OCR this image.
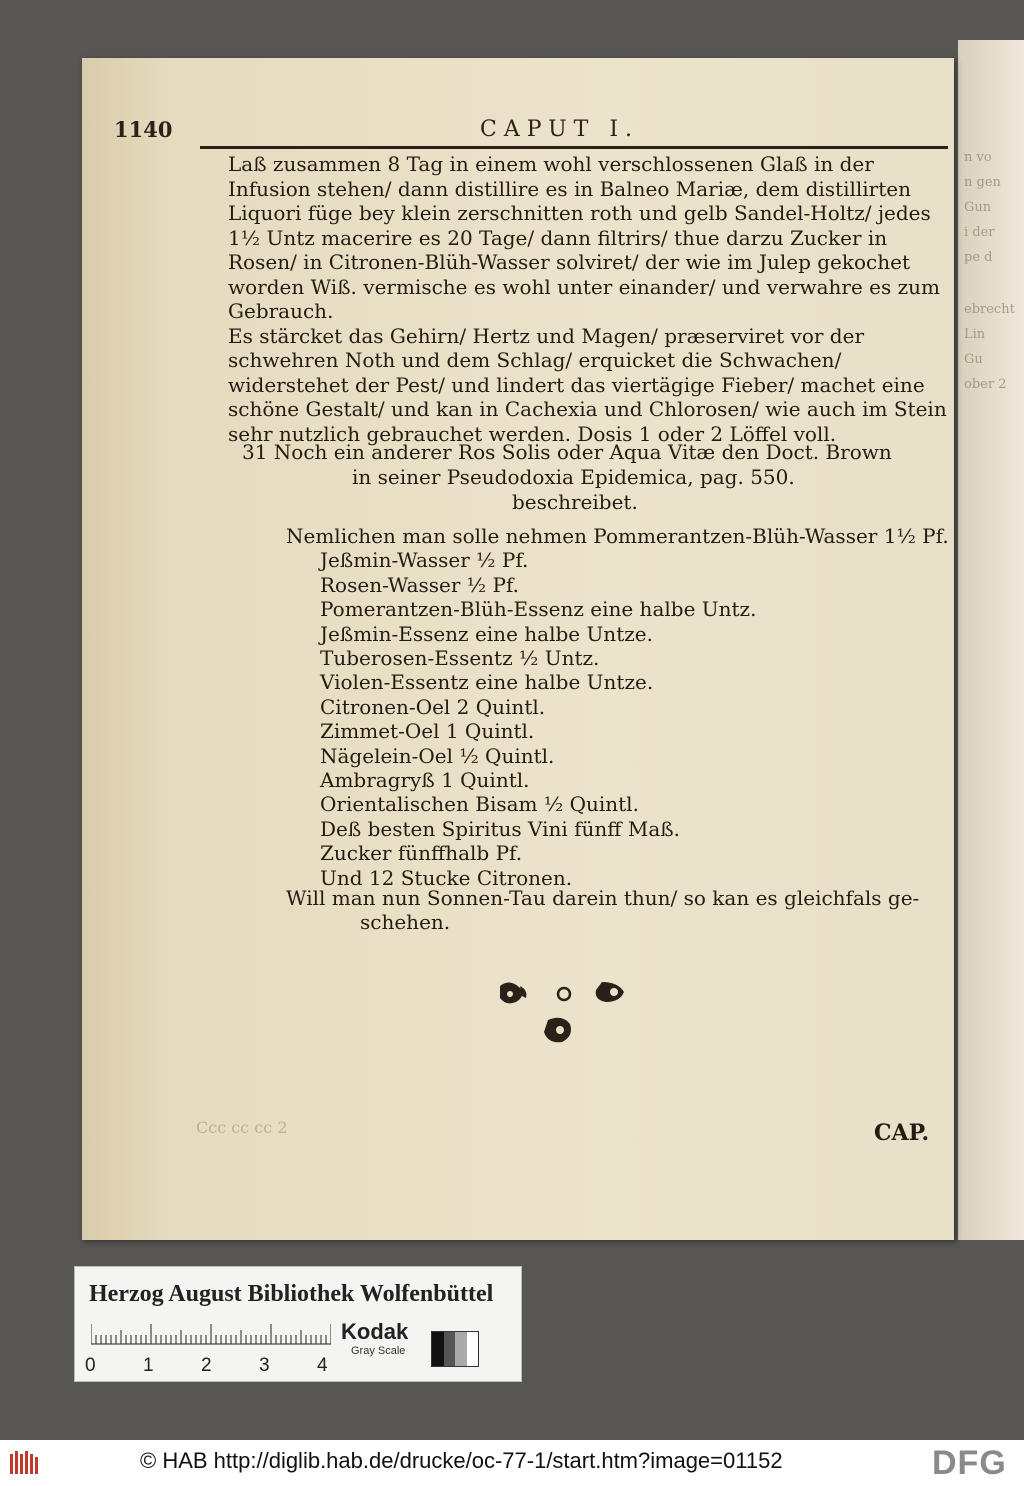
n vo
n gen
Gun
i der
pe d
ebrecht
Lin
Gu
ober 2
1140	CAPUT I.

Laß zusammen 8 Tag in einem wohl verschlossenen Glaß in der Infusion stehen/ dann distillire es in Balneo Mariæ, dem distillirten Liquori füge bey klein zerschnitten roth und gelb Sandel-Holtz/ jedes 1½ Untz macerire es 20 Tage/ dann filtrirs/ thue darzu Zucker in Rosen/ in Citronen-Blüh-Wasser solviret/ der wie im Julep gekochet worden Wiß. vermische es wohl unter einander/ und verwahre es zum Gebrauch.

Es stärcket das Gehirn/ Hertz und Magen/ præserviret vor der schwehren Noth und dem Schlag/ erquicket die Schwachen/ widerstehet der Pest/ und lindert das viertägige Fieber/ machet eine schöne Gestalt/ und kan in Cachexia und Chlorosen/ wie auch im Stein sehr nutzlich gebrauchet werden. Dosis 1 oder 2 Löffel voll.

31 Noch ein anderer Ros Solis oder Aqua Vitæ den Doct. Brown
in seiner Pseudodoxia Epidemica, pag. 550.
beschreibet.
Nemlichen man solle nehmen Pommerantzen-Blüh-Wasser 1½ Pf.
Jeßmin-Wasser ½ Pf.
Rosen-Wasser ½ Pf.
Pomerantzen-Blüh-Essenz eine halbe Untz.
Jeßmin-Essenz eine halbe Untze.
Tuberosen-Essentz ½ Untz.
Violen-Essentz eine halbe Untze.
Citronen-Oel 2 Quintl.
Zimmet-Oel 1 Quintl.
Nägelein-Oel ½ Quintl.
Ambragryß 1 Quintl.
Orientalischen Bisam ½ Quintl.
Deß besten Spiritus Vini fünff Maß.
Zucker fünffhalb Pf.
Und 12 Stucke Citronen.
Will man nun Sonnen-Tau darein thun/ so kan es gleichfals ge-
schehen.
Ccc cc cc 2	CAP.
Herzog August Bibliothek Wolfenbüttel
0 1 2 3 4
Kodak
Gray Scale
© HAB http://diglib.hab.de/drucke/oc-77-1/start.htm?image=01152	DFG
